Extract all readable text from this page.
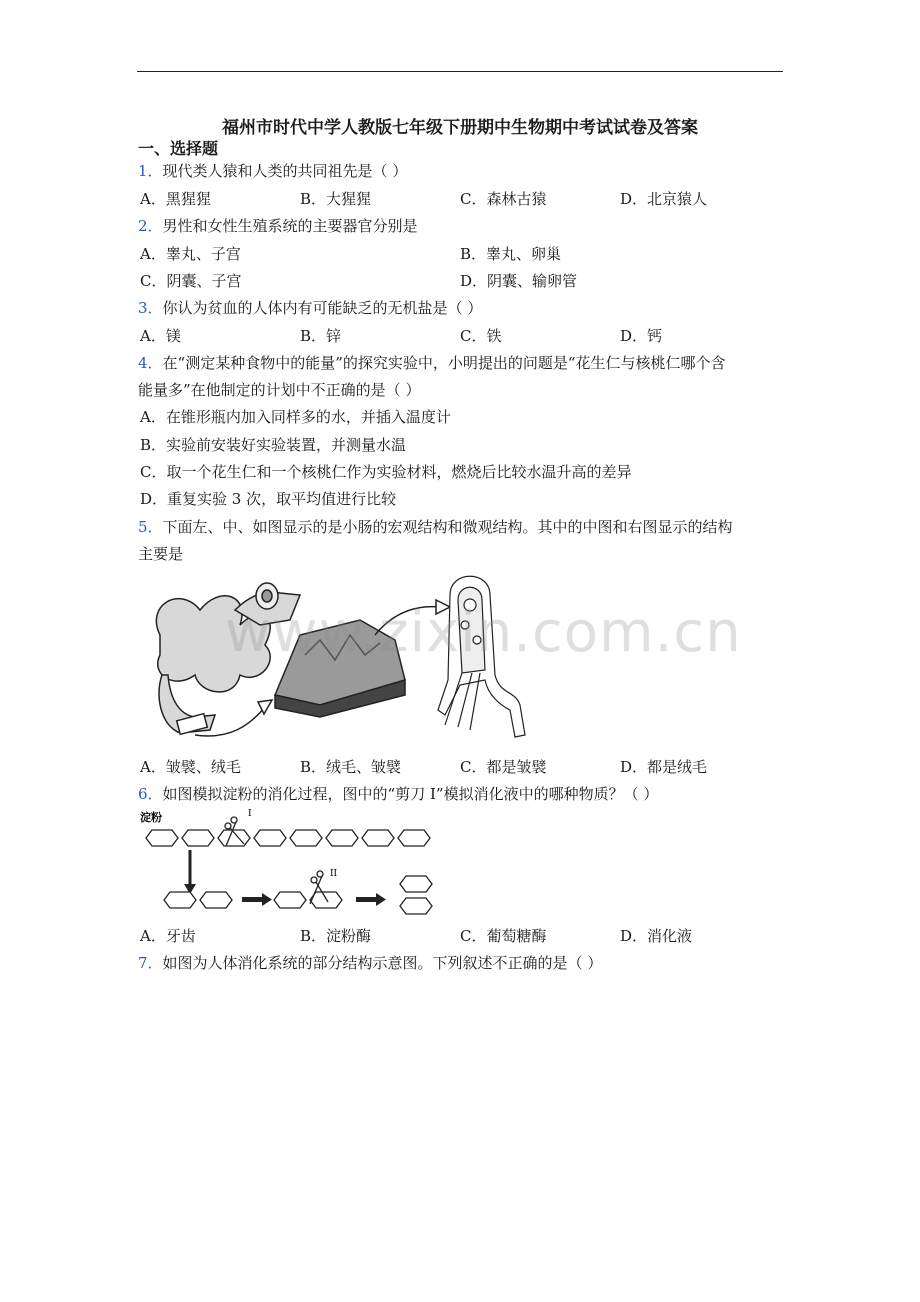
福州市时代中学人教版七年级下册期中生物期中考试试卷及答案
一、选择题
1．现代类人猿和人类的共同祖先是（ ）
A．黑猩猩	B．大猩猩	C．森林古猿	D．北京猿人
2．男性和女性生殖系统的主要器官分别是
A．睾丸、子宫	B．睾丸、卵巢
C．阴囊、子宫	D．阴囊、输卵管
3．你认为贫血的人体内有可能缺乏的无机盐是（ ）
A．镁	B．锌	C．铁	D．钙
4．在“测定某种食物中的能量”的探究实验中，小明提出的问题是“花生仁与核桃仁哪个含
能量多”在他制定的计划中不正确的是（ ）
A．在锥形瓶内加入同样多的水，并插入温度计
B．实验前安装好实验装置，并测量水温
C．取一个花生仁和一个核桃仁作为实验材料，燃烧后比较水温升高的差异
D．重复实验 3 次，取平均值进行比较
5．下面左、中、如图显示的是小肠的宏观结构和微观结构。其中的中图和右图显示的结构
主要是
www.zixin.com.cn
A．皱襞、绒毛	B．绒毛、皱襞	C．都是皱襞	D．都是绒毛
6．如图模拟淀粉的消化过程，图中的“剪刀 I”模拟消化液中的哪种物质？（ ）
淀粉	I
II
A．牙齿	B．淀粉酶	C．葡萄糖酶	D．消化液
7．如图为人体消化系统的部分结构示意图。下列叙述不正确的是（ ）
